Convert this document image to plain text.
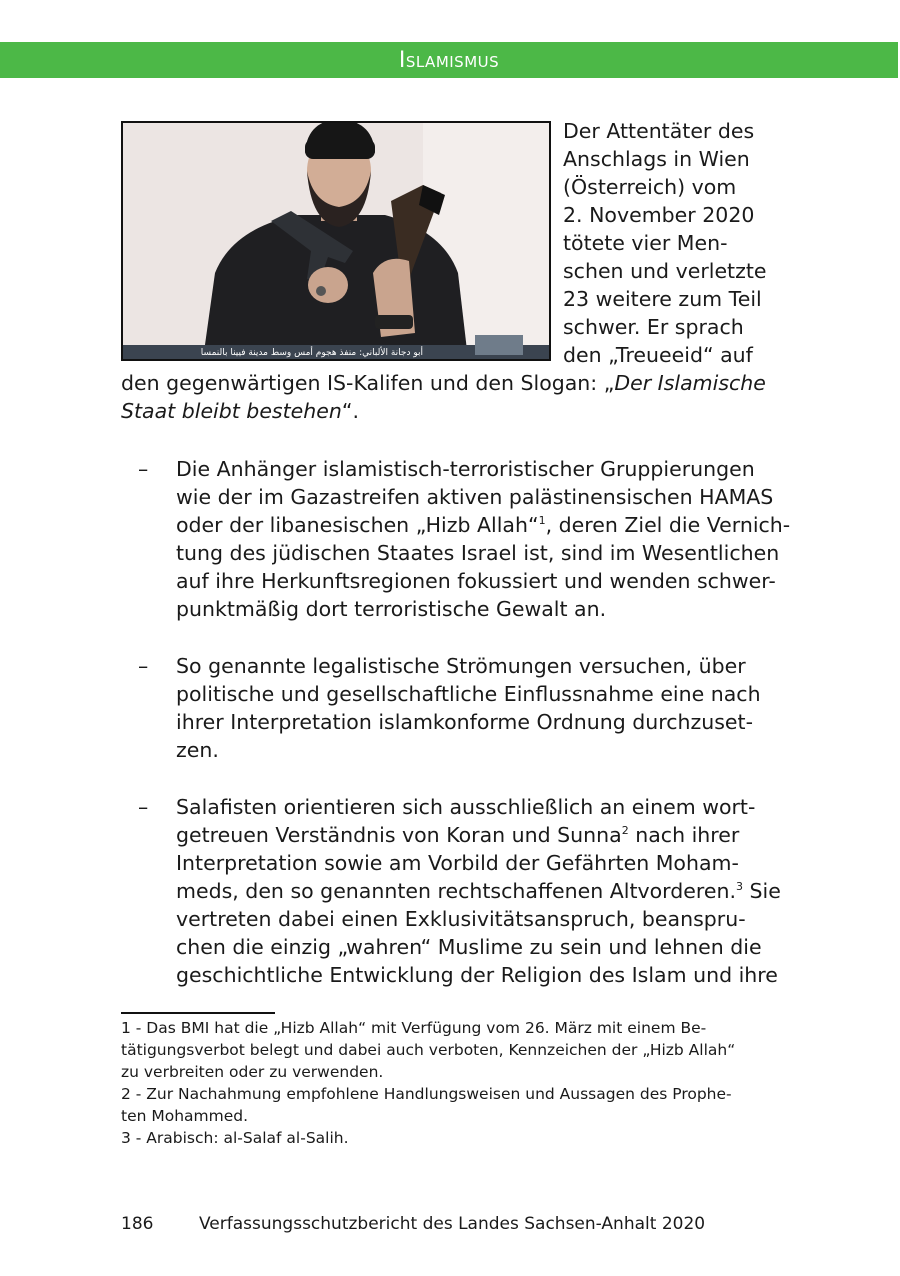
Islamismus
أبو دجانة الألباني: منفذ هجوم أمس وسط مدينة فيينا بالنمسا
Der Attentäter des
Anschlags in Wien
(Österreich) vom
2. November 2020
tötete vier Men-
schen und verletzte
23 weitere zum Teil
schwer. Er sprach
den „Treueeid“ auf
den gegenwärtigen IS-Kalifen und den Slogan: „Der Islamische
Staat bleibt bestehen“.
–	Die Anhänger islamistisch-terroristischer Gruppierungen
wie der im Gazastreifen aktiven palästinensischen HAMAS
oder der libanesischen „Hizb Allah“$^1$, deren Ziel die Vernich-
tung des jüdischen Staates Israel ist, sind im Wesentlichen
auf ihre Herkunftsregionen fokussiert und wenden schwer-
punktmäßig dort terroristische Gewalt an.
–	So genannte legalistische Strömungen versuchen, über
politische und gesellschaftliche Einflussnahme eine nach
ihrer Interpretation islamkonforme Ordnung durchzuset-
zen.
–	Salafisten orientieren sich ausschließlich an einem wort-
getreuen Verständnis von Koran und Sunna$^2$ nach ihrer
Interpretation sowie am Vorbild der Gefährten Moham-
meds, den so genannten rechtschaffenen Altvorderen.$^3$ Sie
vertreten dabei einen Exklusivitätsanspruch, beanspru-
chen die einzig „wahren“ Muslime zu sein und lehnen die
geschichtliche Entwicklung der Religion des Islam und ihre
1 - Das BMI hat die „Hizb Allah“ mit Verfügung vom 26. März mit einem Be-
tätigungsverbot belegt und dabei auch verboten, Kennzeichen der „Hizb Allah“
zu verbreiten oder zu verwenden.
2 - Zur Nachahmung empfohlene Handlungsweisen und Aussagen des Prophe-
ten Mohammed.
3 - Arabisch: al-Salaf al-Salih.
186	Verfassungsschutzbericht des Landes Sachsen-Anhalt 2020
